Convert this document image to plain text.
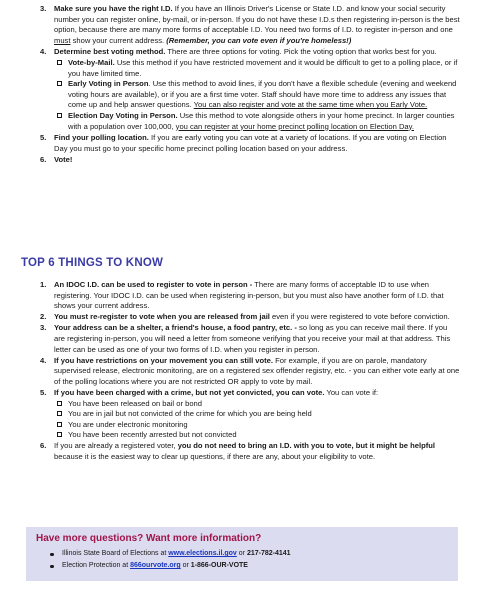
3. Make sure you have the right I.D. If you have an Illinois Driver's License or State I.D. and know your social security number you can register online, by-mail, or in-person. If you do not have these I.D.s then registering in-person is the best option, because there are many more forms of acceptable I.D. You need two forms of I.D. to register in-person and one must show your current address. (Remember, you can vote even if you're homeless!)
4. Determine best voting method. There are three options for voting. Pick the voting option that works best for you.
Vote-by-Mail. Use this method if you have restricted movement and it would be difficult to get to a polling place, or if you have limited time.
Early Voting in Person. Use this method to avoid lines, if you don't have a flexible schedule (evening and weekend voting hours are available), or if you are a first time voter. Staff should have more time to address any issues that come up and help answer questions. You can also register and vote at the same time when you Early Vote.
Election Day Voting in Person. Use this method to vote alongside others in your home precinct. In larger counties with a population over 100,000, you can register at your home precinct polling location on Election Day.
5. Find your polling location. If you are early voting you can vote at a variety of locations. If you are voting on Election Day you must go to your specific home precinct polling location based on your address.
6. Vote!
TOP 6 THINGS TO KNOW
1. An IDOC I.D. can be used to register to vote in person - There are many forms of acceptable ID to use when registering. Your IDOC I.D. can be used when registering in-person, but you must also have another form of I.D. that shows your current address.
2. You must re-register to vote when you are released from jail even if you were registered to vote before conviction.
3. Your address can be a shelter, a friend's house, a food pantry, etc. - so long as you can receive mail there. If you are registering in-person, you will need a letter from someone verifying that you receive your mail at that address. This letter can be used as one of your two forms of I.D. when you register in person.
4. If you have restrictions on your movement you can still vote. For example, if you are on parole, mandatory supervised release, electronic monitoring, are on a registered sex offender registry, etc. - you can either vote early at one of the polling locations where you are not restricted OR apply to vote by mail.
5. If you have been charged with a crime, but not yet convicted, you can vote. You can vote if:
You have been released on bail or bond
You are in jail but not convicted of the crime for which you are being held
You are under electronic monitoring
You have been recently arrested but not convicted
6. If you are already a registered voter, you do not need to bring an I.D. with you to vote, but it might be helpful because it is the easiest way to clear up questions, if there are any, about your eligibility to vote.
Have more questions? Want more information?
Illinois State Board of Elections at www.elections.il.gov or 217-782-4141
Election Protection at 866ourvote.org or 1-866-OUR-VOTE
